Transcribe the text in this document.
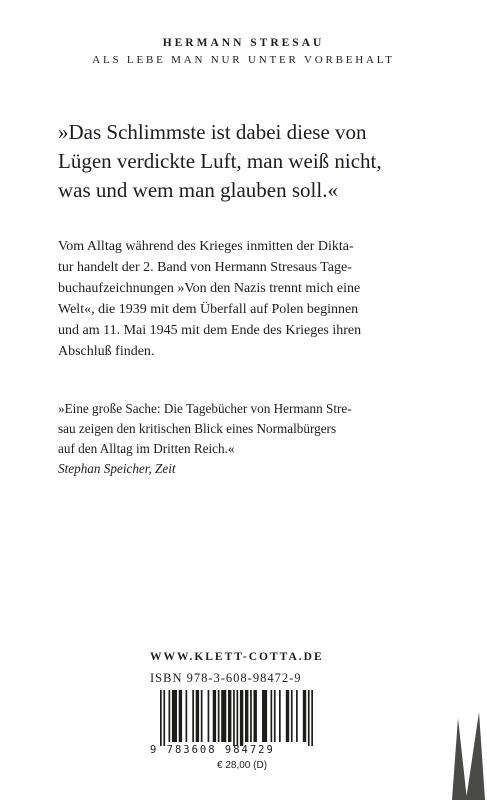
HERMANN STRESAU
ALS LEBE MAN NUR UNTER VORBEHALT
»Das Schlimmste ist dabei diese von
Lügen verdickte Luft, man weiß nicht,
was und wem man glauben soll.«
Vom Alltag während des Krieges inmitten der Dikta-
tur handelt der 2. Band von Hermann Stresaus Tage-
buchaufzeichnungen »Von den Nazis trennt mich eine
Welt«, die 1939 mit dem Überfall auf Polen beginnen
und am 11. Mai 1945 mit dem Ende des Krieges ihren
Abschluß finden.
»Eine große Sache: Die Tagebücher von Hermann Stre-
sau zeigen den kritischen Blick eines Normalbürgers
auf den Alltag im Dritten Reich.«
Stephan Speicher, Zeit
WWW.KLETT-COTTA.DE
ISBN 978-3-608-98472-9
9 783608 984729
€ 28,00 (D)
